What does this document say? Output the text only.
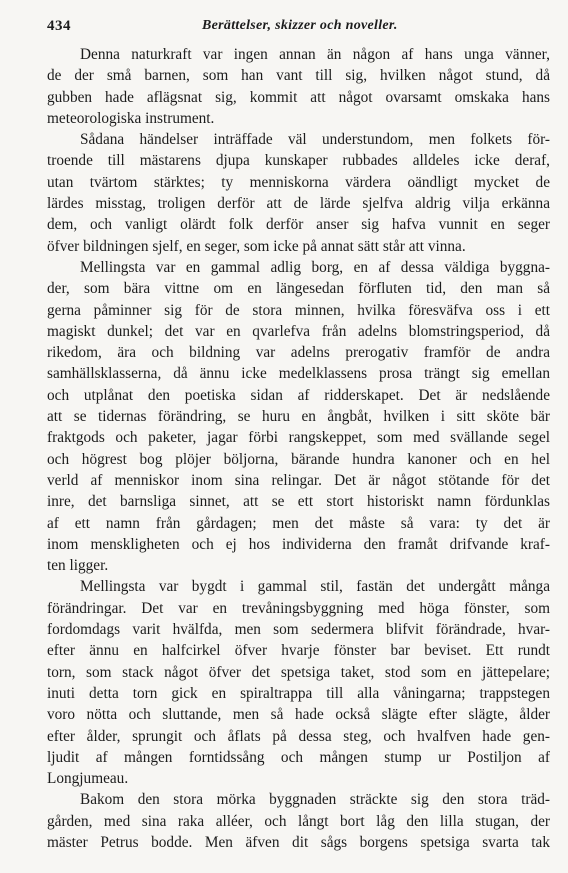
434	Berättelser, skizzer och noveller.
Denna naturkraft var ingen annan än någon af hans unga vänner,
de der små barnen, som han vant till sig, hvilken något stund, då
gubben hade aflägsnat sig, kommit att något ovarsamt omskaka hans
meteorologiska instrument.
Sådana händelser inträffade väl understundom, men folkets för-
troende till mästarens djupa kunskaper rubbades alldeles icke deraf,
utan tvärtom stärktes; ty menniskorna värdera oändligt mycket de
lärdes misstag, troligen derför att de lärde sjelfva aldrig vilja erkänna
dem, och vanligt olärdt folk derför anser sig hafva vunnit en seger
öfver bildningen sjelf, en seger, som icke på annat sätt står att vinna.
Mellingsta var en gammal adlig borg, en af dessa väldiga byggna-
der, som bära vittne om en längesedan förfluten tid, den man så
gerna påminner sig för de stora minnen, hvilka föresväfva oss i ett
magiskt dunkel; det var en qvarlefva från adelns blomstringsperiod, då
rikedom, ära och bildning var adelns prerogativ framför de andra
samhällsklasserna, då ännu icke medelklassens prosa trängt sig emellan
och utplånat den poetiska sidan af ridderskapet. Det är nedslående
att se tidernas förändring, se huru en ångbåt, hvilken i sitt sköte bär
fraktgods och paketer, jagar förbi rangskeppet, som med svällande segel
och högrest bog plöjer böljorna, bärande hundra kanoner och en hel
verld af menniskor inom sina relingar. Det är något stötande för det
inre, det barnsliga sinnet, att se ett stort historiskt namn fördunklas
af ett namn från gårdagen; men det måste så vara: ty det är
inom menskligheten och ej hos individerna den framåt drifvande kraf-
ten ligger.
Mellingsta var bygdt i gammal stil, fastän det undergått många
förändringar. Det var en trevåningsbyggning med höga fönster, som
fordomdags varit hvälfda, men som sedermera blifvit förändrade, hvar-
efter ännu en halfcirkel öfver hvarje fönster bar beviset. Ett rundt
torn, som stack något öfver det spetsiga taket, stod som en jättepelare;
inuti detta torn gick en spiraltrappa till alla våningarna; trappstegen
voro nötta och sluttande, men så hade också slägte efter slägte, ålder
efter ålder, sprungit och åflats på dessa steg, och hvalfven hade gen-
ljudit af mången forntidssång och mången stump ur Postiljon af
Longjumeau.
Bakom den stora mörka byggnaden sträckte sig den stora träd-
gården, med sina raka alléer, och långt bort låg den lilla stugan, der
mäster Petrus bodde. Men äfven dit sågs borgens spetsiga svarta tak
